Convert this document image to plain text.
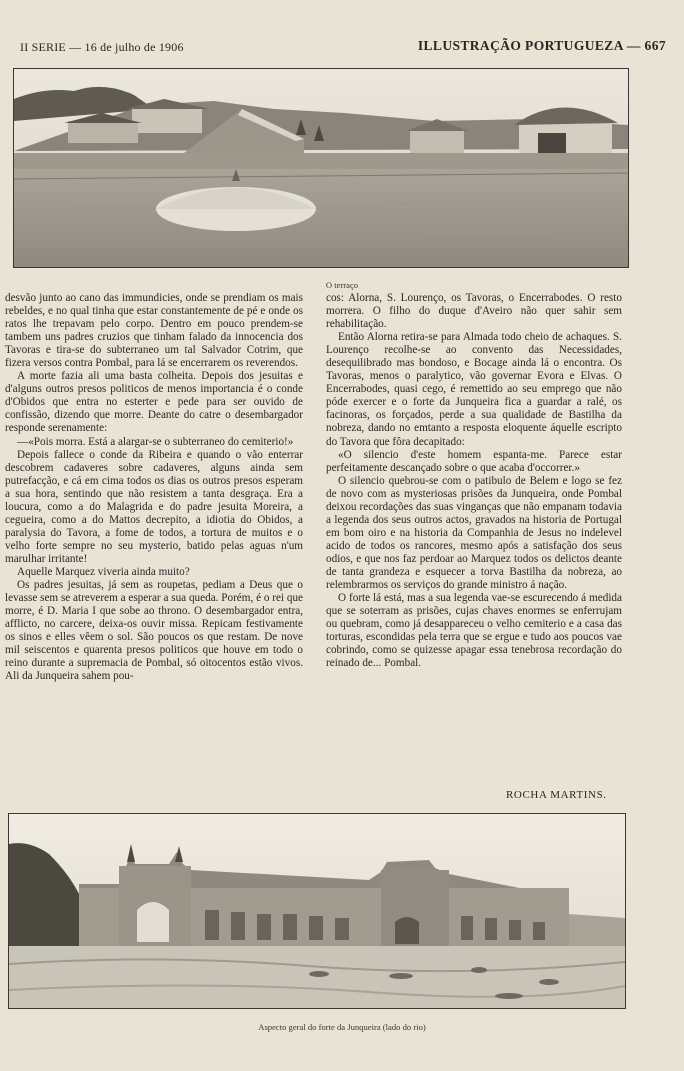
II SERIE — 16 de julho de 1906	ILLUSTRAÇÃO PORTUGUEZA — 667
O terraço

desvão junto ao cano das immundicies, onde se prendiam os mais rebeldes, e no qual tinha que estar constantemente de pé e onde os ratos lhe trepavam pelo corpo. Dentro em pouco prendem-se tambem uns padres cruzios que tinham falado da innocencia dos Tavoras e tira-se do subterraneo um tal Salvador Cotrim, que fizera versos contra Pombal, para lá se encerrarem os reverendos.

A morte fazia ali uma basta colheita. Depois dos jesuitas e d'alguns outros presos politicos de menos importancia é o conde d'Obidos que entra no esterter e pede para ser ouvido de confissão, dizendo que morre. Deante do catre o desembargador responde serenamente:

—«Pois morra. Está a alargar-se o subterraneo do cemiterio!»

Depois fallece o conde da Ribeira e quando o vão enterrar descobrem cadaveres sobre cadaveres, alguns ainda sem putrefacção, e cá em cima todos os dias os outros presos esperam a sua hora, sentindo que não resistem a tanta desgraça. Era a loucura, como a do Malagrida e do padre jesuita Moreira, a cegueira, como a do Mattos decrepito, a idiotia do Obidos, a paralysia do Tavora, a fome de todos, a tortura de muitos e o velho forte sempre no seu mysterio, batido pelas aguas n'um marulhar irritante!

Aquelle Marquez viveria ainda muito?

Os padres jesuitas, já sem as roupetas, pediam a Deus que o levasse sem se atreverem a esperar a sua queda. Porém, é o rei que morre, é D. Maria I que sobe ao throno. O desembargador entra, afflicto, no carcere, deixa-os ouvir missa. Repicam festivamente os sinos e elles vêem o sol. São poucos os que restam. De nove mil seiscentos e quarenta presos politicos que houve em todo o reino durante a supremacia de Pombal, só oitocentos estão vivos. Ali da Junqueira sahem pou-

cos: Alorna, S. Lourenço, os Tavoras, o Encerrabodes. O resto morrera. O filho do duque d'Aveiro não quer sahir sem rehabilitação.

Então Alorna retira-se para Almada todo cheio de achaques. S. Lourenço recolhe-se ao convento das Necessidades, desequilibrado mas bondoso, e Bocage ainda lá o encontra. Os Tavoras, menos o paralytico, vão governar Evora e Elvas. O Encerrabodes, quasi cego, é remettido ao seu emprego que não póde exercer e o forte da Junqueira fica a guardar a ralé, os facinoras, os forçados, perde a sua qualidade de Bastilha da nobreza, dando no emtanto a resposta eloquente áquelle escripto do Tavora que fôra decapitado:

«O silencio d'este homem espanta-me. Parece estar perfeitamente descançado sobre o que acaba d'occorrer.»

O silencio quebrou-se com o patibulo de Belem e logo se fez de novo com as mysteriosas prisões da Junqueira, onde Pombal deixou recordações das suas vinganças que não empanam todavia a legenda dos seus outros actos, gravados na historia de Portugal em bom oiro e na historia da Companhia de Jesus no indelevel acido de todos os rancores, mesmo após a satisfação dos seus odios, e que nos faz perdoar ao Marquez todos os delictos deante de tanta grandeza e esquecer a torva Bastilha da nobreza, ao relembrarmos os serviços do grande ministro á nação.

O forte lá está, mas a sua legenda vae-se escurecendo á medida que se soterram as prisões, cujas chaves enormes se enferrujam ou quebram, como já desappareceu o velho cemiterio e a casa das torturas, escondidas pela terra que se ergue e tudo aos poucos vae cobrindo, como se quizesse apagar essa tenebrosa recordação do reinado de... Pombal.

ROCHA MARTINS.
Aspecto geral do forte da Junqueira (lado do rio)
